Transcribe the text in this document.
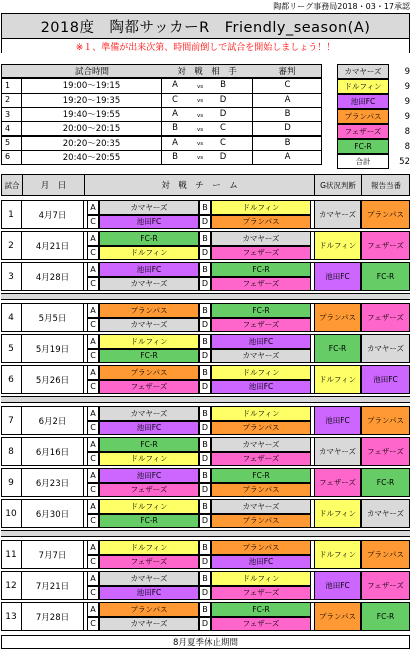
陶都リーグ事務局2018・03・17承認
2018度　陶都サッカーR　Friendly_season(A)
※１、準備が出来次第、時間前倒しで試合を開始しましょう！！
試合時間	対　戦　相　手	審判
1	19:00～19:15	A	vs	B	C
2	19:20～19:35	C	vs	D	A
3	19:40～19:55	A	vs	D	B
4	20:00～20:15	B	vs	C	D
5	20:20～20:35	A	vs	C	B
6	20:40～20:55	B	vs	D	A
カマヤーズ	9
ドルフィン	9
池田FC	9
プランパス	9
フェザーズ	8
FC-R	8
合計	52
試合	月　日	対　戦　チ　ー　ム	G状況判断	報告当番
1	4月7日
A	カマヤーズ	B	ドルフィン
C	池田FC	D	プランパス
カマヤーズ	プランパス
2	4月21日
A	FC-R	B	カマヤーズ
C	ドルフィン	D	フェザーズ
ドルフィン	フェザーズ
3	4月28日
A	池田FC	B	FC-R
C	カマヤーズ	D	フェザーズ
池田FC	FC-R
4	5月5日
A	プランパス	B	FC-R
C	カマヤーズ	D	フェザーズ
プランパス	フェザーズ
5	5月19日
A	ドルフィン	B	池田FC
C	FC-R	D	カマヤーズ
FC-R	カマヤーズ
6	5月26日
A	プランパス	B	ドルフィン
C	フェザーズ	D	池田FC
ドルフィン	池田FC
7	6月2日
A	カマヤーズ	B	ドルフィン
C	池田FC	D	プランパス
池田FC	プランパス
8	6月16日
A	FC-R	B	カマヤーズ
C	ドルフィン	D	フェザーズ
カマヤーズ	フェザーズ
9	6月23日
A	池田FC	B	FC-R
C	フェザーズ	D	プランパス
フェザーズ	FC-R
10	6月30日
A	ドルフィン	B	カマヤーズ
C	FC-R	D	プランパス
ドルフィン	カマヤーズ
11	7月7日
A	ドルフィン	B	プランパス
C	フェザーズ	D	池田FC
ドルフィン	プランパス
12	7月21日
A	カマヤーズ	B	ドルフィン
C	池田FC	D	フェザーズ
池田FC	フェザーズ
13	7月28日
A	プランパス	B	FC-R
C	カマヤーズ	D	フェザーズ
プランパス	FC-R
8月夏季休止期間
